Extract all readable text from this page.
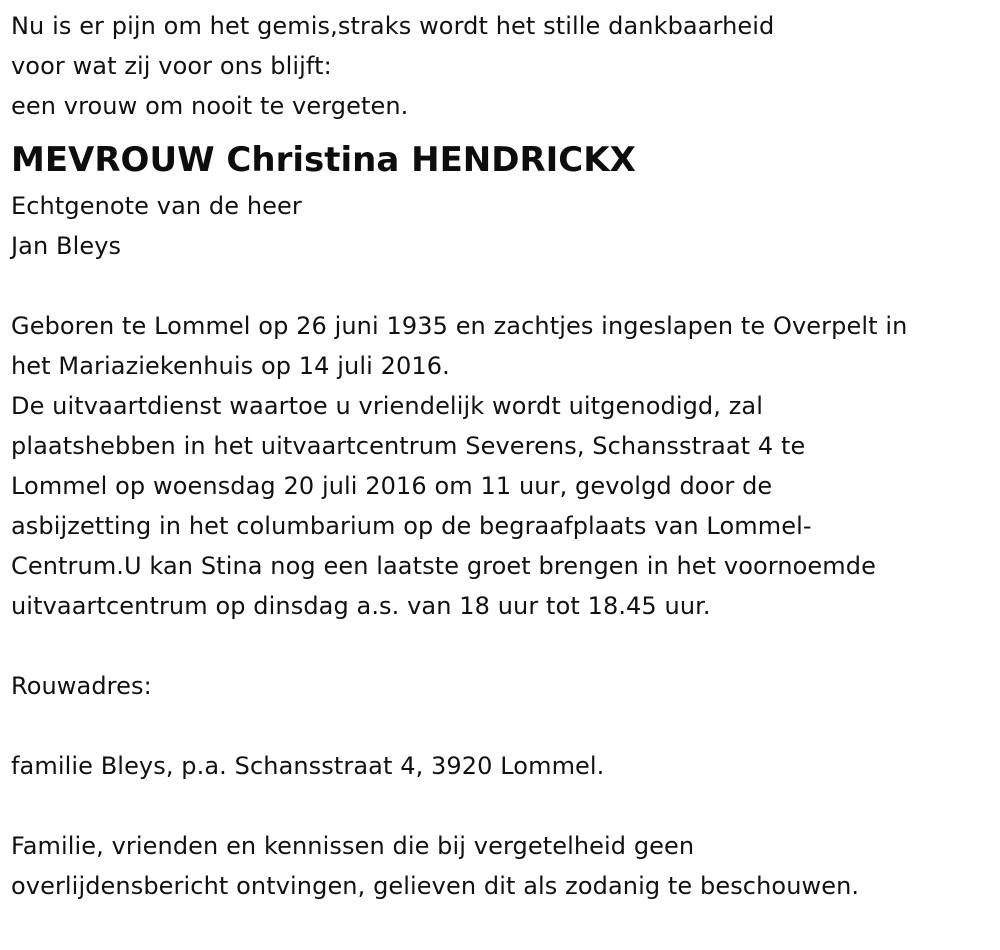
Nu is er pijn om het gemis,straks wordt het stille dankbaarheid
voor wat zij voor ons blijft:
een vrouw om nooit te vergeten.
MEVROUW Christina HENDRICKX
Echtgenote van de heer
Jan Bleys
Geboren te Lommel op 26 juni 1935 en zachtjes ingeslapen te Overpelt in
het Mariaziekenhuis op 14 juli 2016.
De uitvaartdienst waartoe u vriendelijk wordt uitgenodigd, zal
plaatshebben in het uitvaartcentrum Severens, Schansstraat 4 te
Lommel op woensdag 20 juli 2016 om 11 uur, gevolgd door de
asbijzetting in het columbarium op de begraafplaats van Lommel-
Centrum.U kan Stina nog een laatste groet brengen in het voornoemde
uitvaartcentrum op dinsdag a.s. van 18 uur tot 18.45 uur.
Rouwadres:
familie Bleys, p.a. Schansstraat 4, 3920 Lommel.
Familie, vrienden en kennissen die bij vergetelheid geen
overlijdensbericht ontvingen, gelieven dit als zodanig te beschouwen.
